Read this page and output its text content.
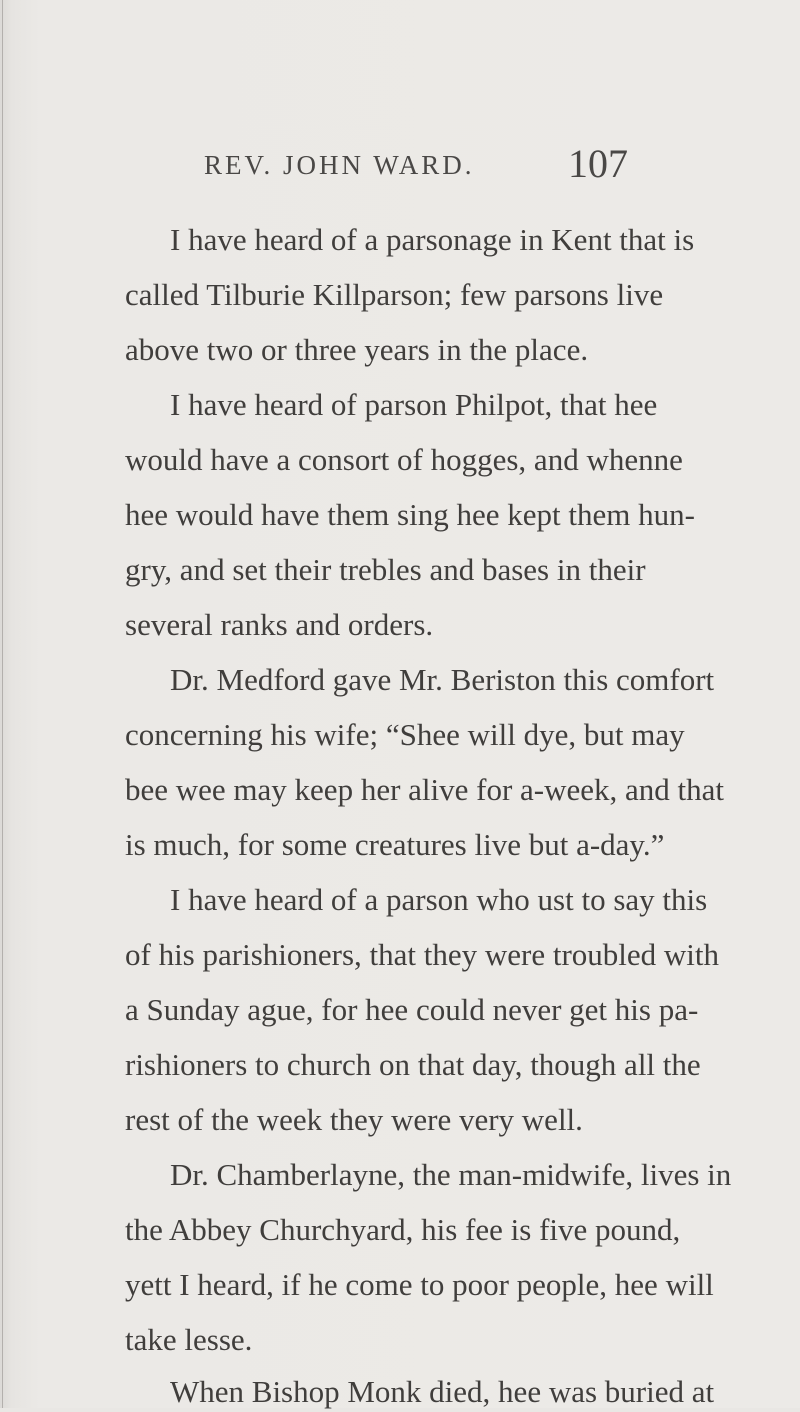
REV. JOHN WARD. 107
I have heard of a parsonage in Kent that is
called Tilburie Killparson; few parsons live
above two or three years in the place.
I have heard of parson Philpot, that hee
would have a consort of hogges, and whenne
hee would have them sing hee kept them hun-
gry, and set their trebles and bases in their
several ranks and orders.
Dr. Medford gave Mr. Beriston this comfort
concerning his wife; “Shee will dye, but may
bee wee may keep her alive for a-week, and that
is much, for some creatures live but a-day.”
I have heard of a parson who ust to say this
of his parishioners, that they were troubled with
a Sunday ague, for hee could never get his pa-
rishioners to church on that day, though all the
rest of the week they were very well.
Dr. Chamberlayne, the man-midwife, lives in
the Abbey Churchyard, his fee is five pound,
yett I heard, if he come to poor people, hee will
take lesse.
When Bishop Monk died, hee was buried at
